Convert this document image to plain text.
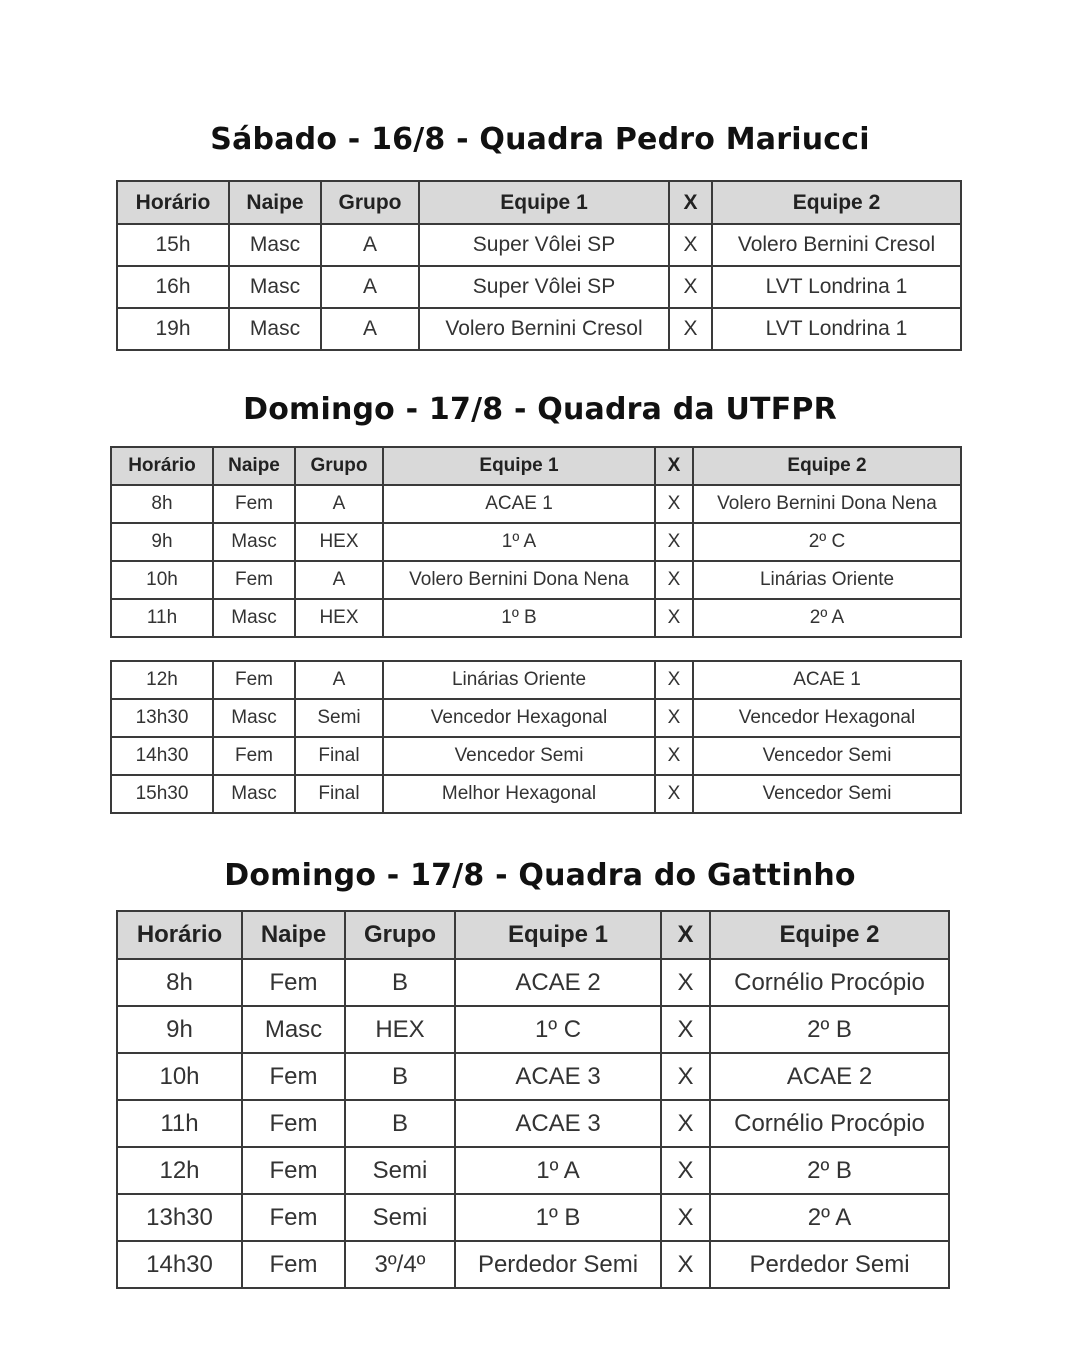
Sábado - 16/8 - Quadra Pedro Mariucci
Horário	Naipe	Grupo	Equipe 1	X	Equipe 2
15h	Masc	A	Super Vôlei SP	X	Volero Bernini Cresol
16h	Masc	A	Super Vôlei SP	X	LVT Londrina 1
19h	Masc	A	Volero Bernini Cresol	X	LVT Londrina 1
Domingo - 17/8 - Quadra da UTFPR
Horário	Naipe	Grupo	Equipe 1	X	Equipe 2
8h	Fem	A	ACAE 1	X	Volero Bernini Dona Nena
9h	Masc	HEX	1º A	X	2º C
10h	Fem	A	Volero Bernini Dona Nena	X	Linárias Oriente
11h	Masc	HEX	1º B	X	2º A
12h	Fem	A	Linárias Oriente	X	ACAE 1
13h30	Masc	Semi	Vencedor Hexagonal	X	Vencedor Hexagonal
14h30	Fem	Final	Vencedor Semi	X	Vencedor Semi
15h30	Masc	Final	Melhor Hexagonal	X	Vencedor Semi
Domingo - 17/8 - Quadra do Gattinho
Horário	Naipe	Grupo	Equipe 1	X	Equipe 2
8h	Fem	B	ACAE 2	X	Cornélio Procópio
9h	Masc	HEX	1º C	X	2º B
10h	Fem	B	ACAE 3	X	ACAE 2
11h	Fem	B	ACAE 3	X	Cornélio Procópio
12h	Fem	Semi	1º A	X	2º B
13h30	Fem	Semi	1º B	X	2º A
14h30	Fem	3º/4º	Perdedor Semi	X	Perdedor Semi
